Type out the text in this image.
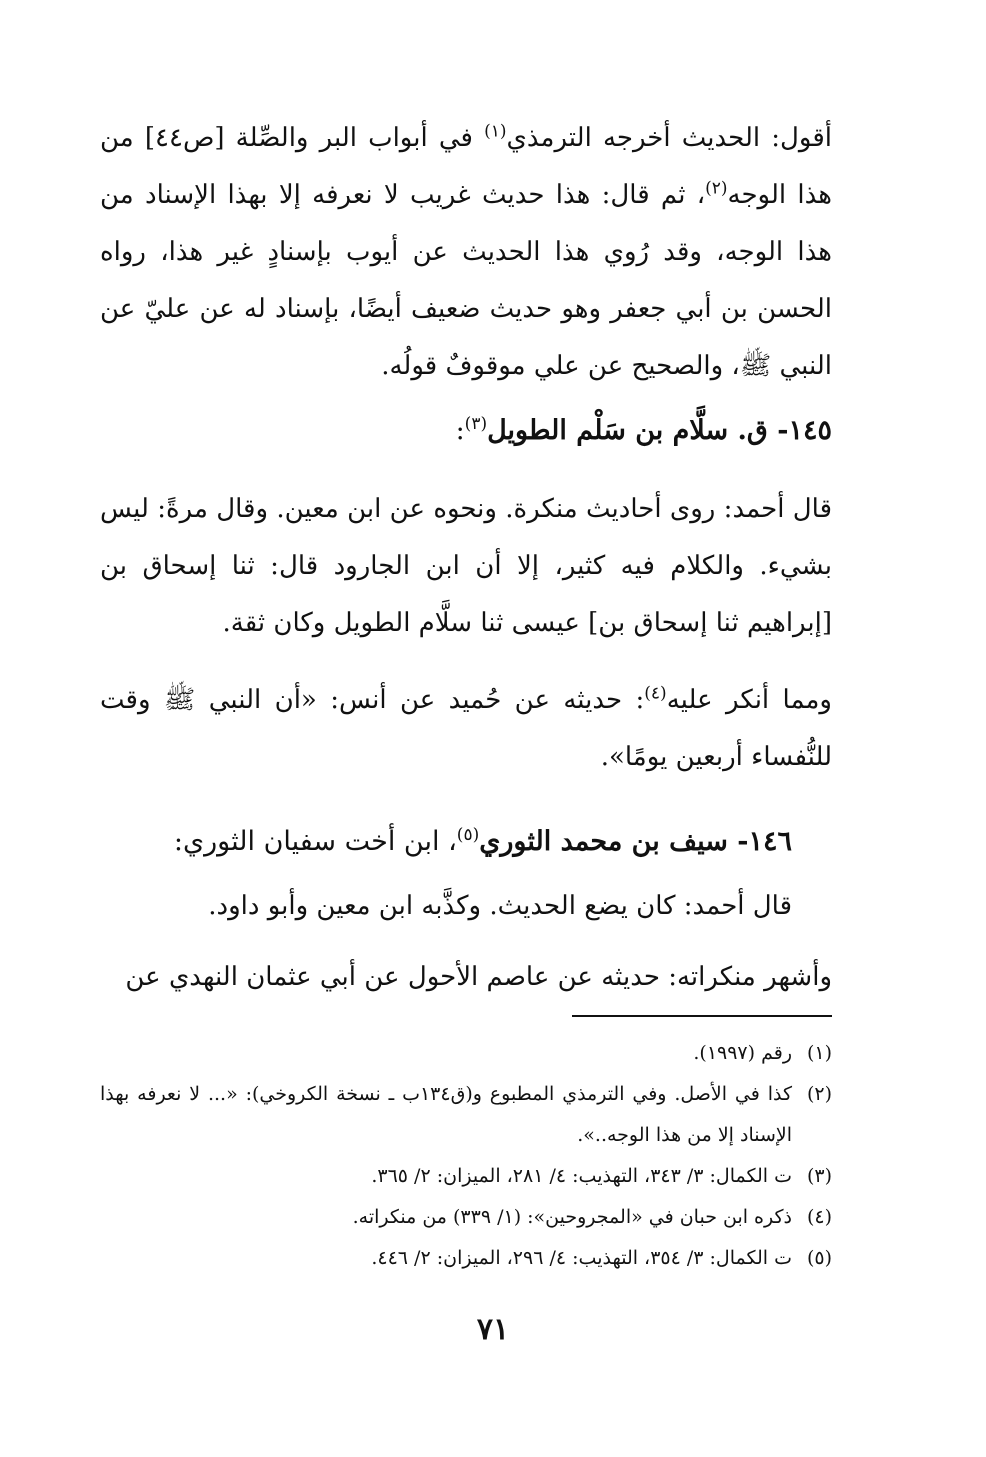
أقول: الحديث أخرجه الترمذي$^{(١)}$ في أبواب البر والصِّلة [ص٤٤] من هذا الوجه$^{(٢)}$، ثم قال: هذا حديث غريب لا نعرفه إلا بهذا الإسناد من هذا الوجه، وقد رُوي هذا الحديث عن أيوب بإسنادٍ غير هذا، رواه الحسن بن أبي جعفر وهو حديث ضعيف أيضًا، بإسناد له عن عليّ عن النبي ﷺ، والصحيح عن علي موقوفٌ قولُه.

١٤٥- ق. سلَّام بن سَلْم الطويل$^{(٣)}$:

قال أحمد: روى أحاديث منكرة. ونحوه عن ابن معين. وقال مرةً: ليس بشيء. والكلام فيه كثير، إلا أن ابن الجارود قال: ثنا إسحاق بن [إبراهيم ثنا إسحاق بن] عيسى ثنا سلَّام الطويل وكان ثقة.

ومما أنكر عليه$^{(٤)}$: حديثه عن حُميد عن أنس: «أن النبي ﷺ وقت للنُّفساء أربعين يومًا».

١٤٦- سيف بن محمد الثوري$^{(٥)}$، ابن أخت سفيان الثوري:

قال أحمد: كان يضع الحديث. وكذَّبه ابن معين وأبو داود.

وأشهر منكراته: حديثه عن عاصم الأحول عن أبي عثمان النهدي عن

(١)
رقم (١٩٩٧).
(٢)
كذا في الأصل. وفي الترمذي المطبوع و(ق١٣٤ب ـ نسخة الكروخي): «... لا نعرفه بهذا الإسناد إلا من هذا الوجه..».
(٣)
ت الكمال: ٣/ ٣٤٣، التهذيب: ٤/ ٢٨١، الميزان: ٢/ ٣٦٥.
(٤)
ذكره ابن حبان في «المجروحين»: (١/ ٣٣٩) من منكراته.
(٥)
ت الكمال: ٣/ ٣٥٤، التهذيب: ٤/ ٢٩٦، الميزان: ٢/ ٤٤٦.
٧١
